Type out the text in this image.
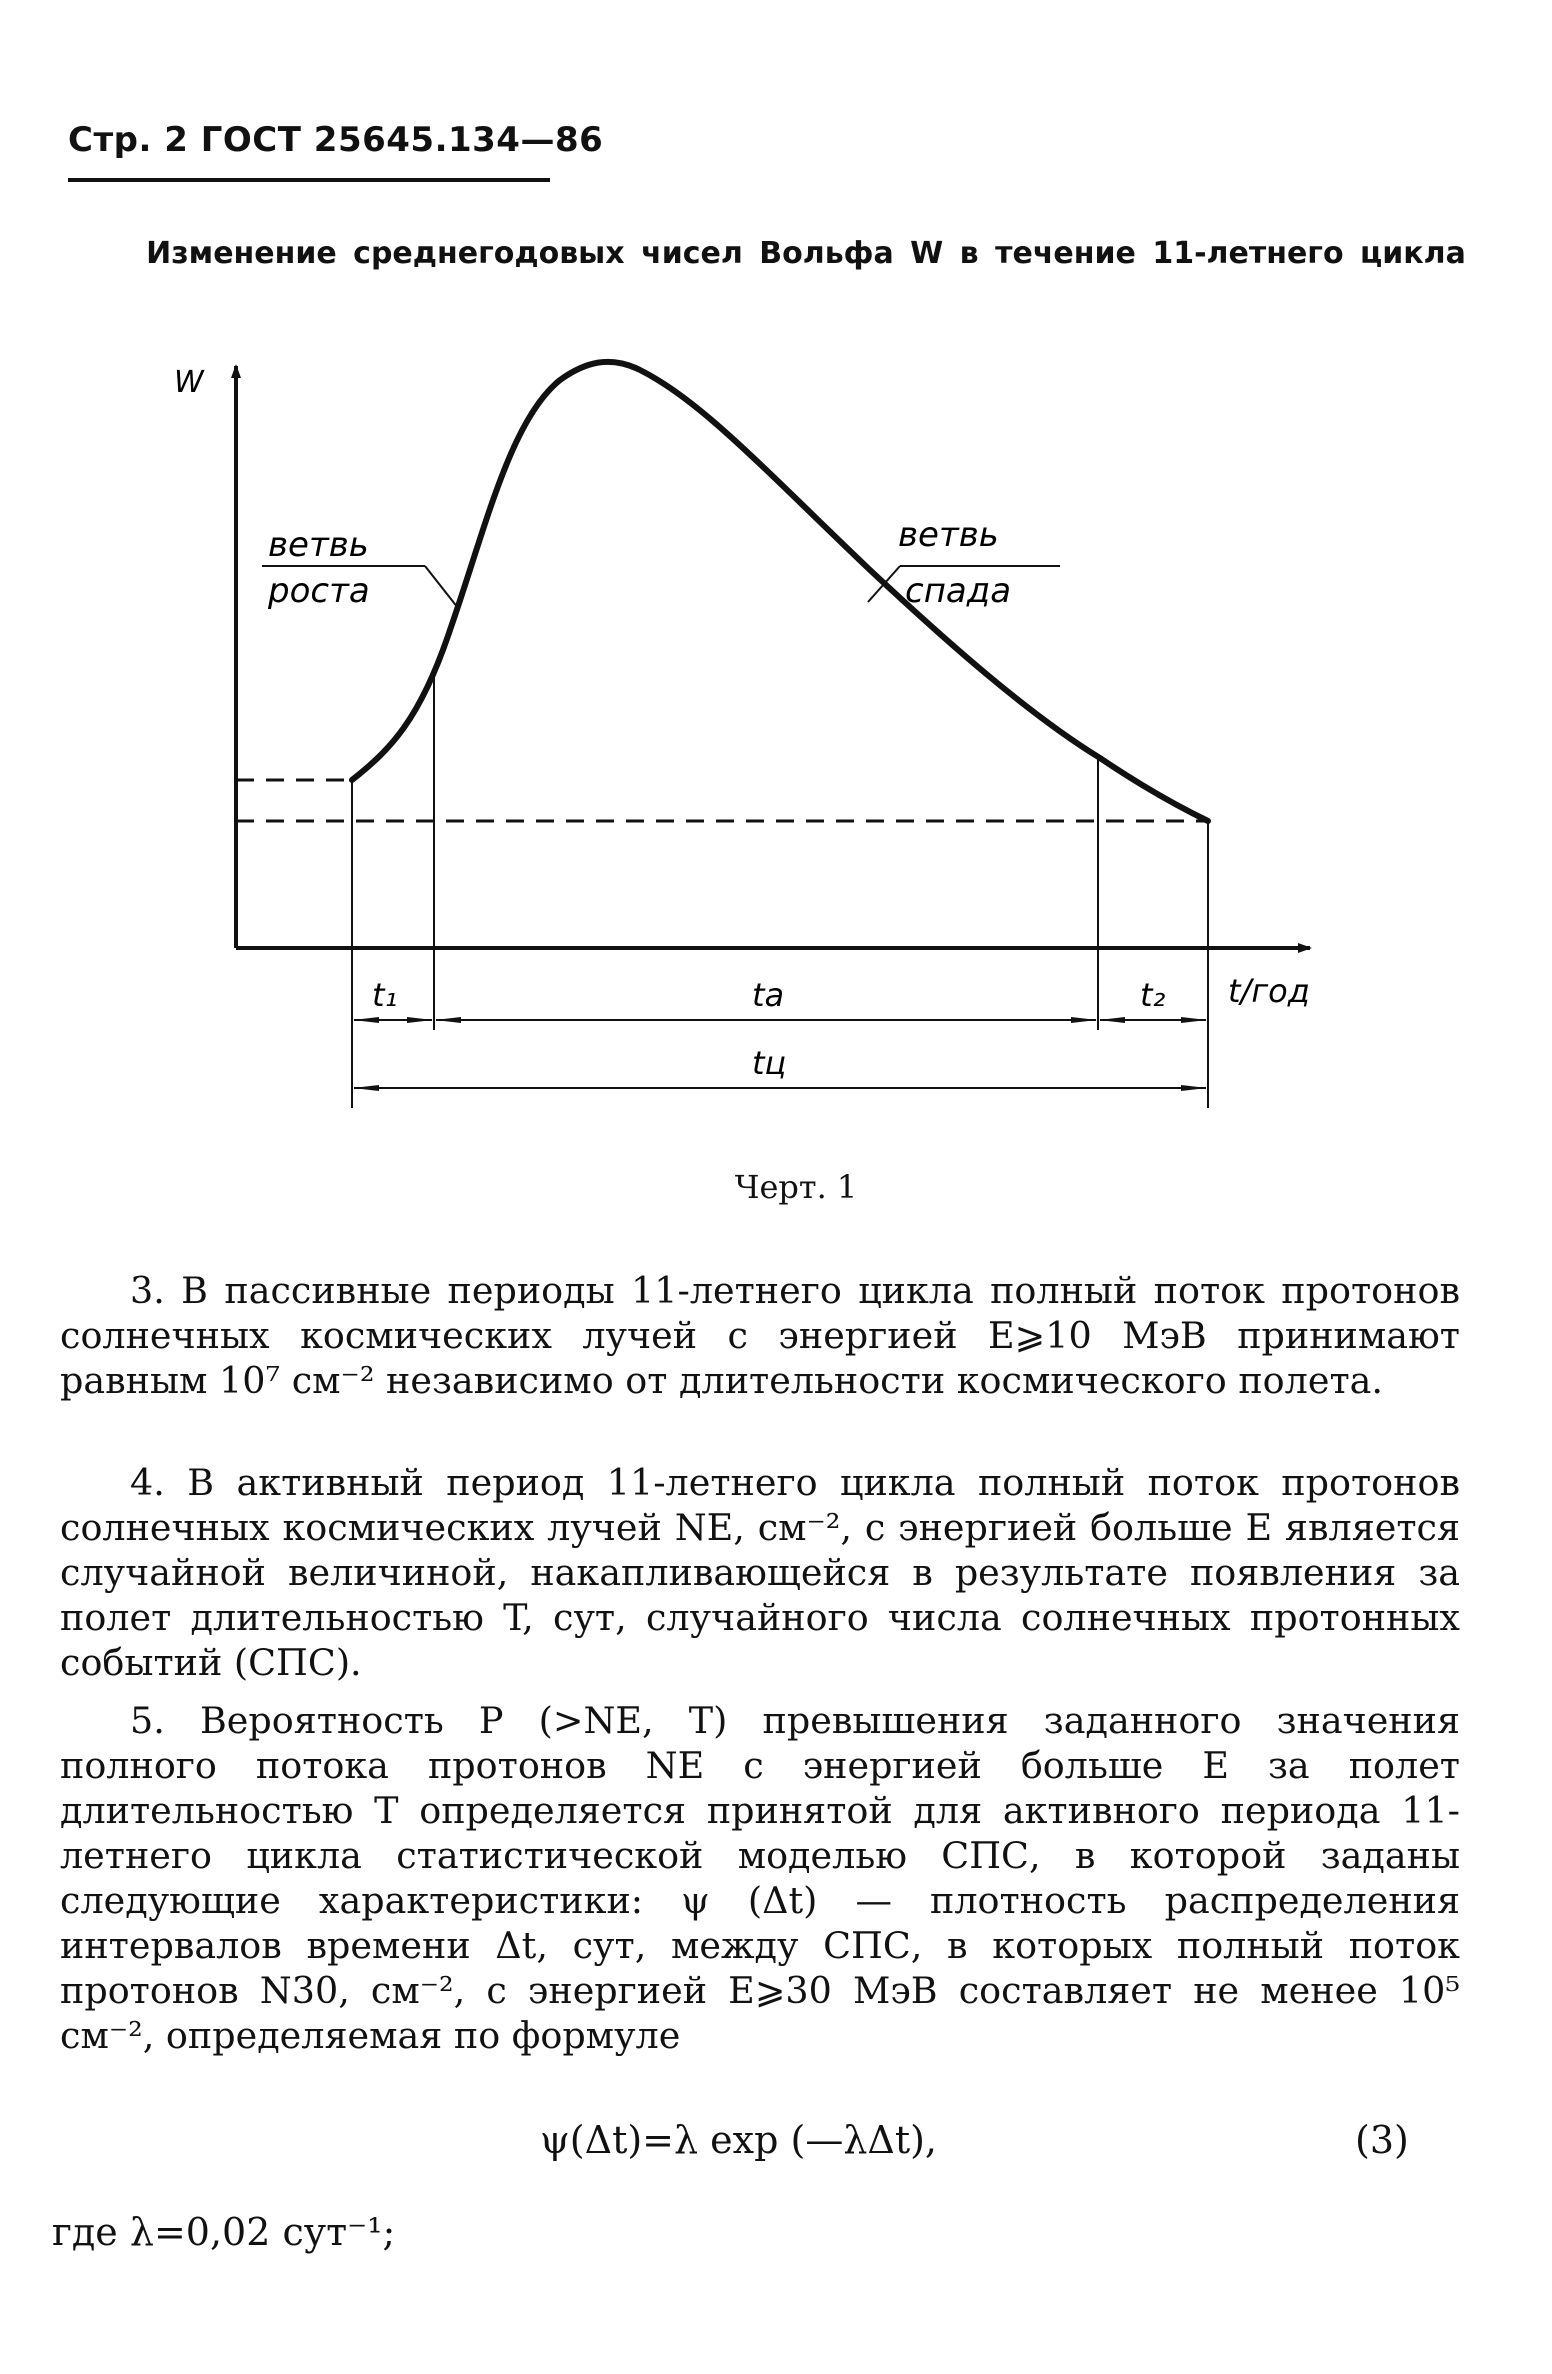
Стр. 2 ГОСТ 25645.134—86
Изменение среднегодовых чисел Вольфа W в течение 11-летнего цикла
W
ветвь
роста
ветвь
спада
t₁	tа	t₂ t/год
tц
Черт. 1

3. В пассивные периоды 11-летнего цикла полный поток протонов солнечных космических лучей с энергией E⩾10 МэВ принимают равным 10⁷ см⁻² независимо от длительности космического полета.

4. В активный период 11-летнего цикла полный поток протонов солнечных космических лучей NE, см⁻², с энергией больше E является случайной величиной, накапливающейся в результате появления за полет длительностью T, сут, случайного числа солнечных протонных событий (СПС).

5. Вероятность P (>NE, T) превышения заданного значения полного потока протонов NE с энергией больше E за полет длительностью T определяется принятой для активного периода 11-летнего цикла статистической моделью СПС, в которой заданы следующие характеристики: ψ (Δt) — плотность распределения интервалов времени Δt, сут, между СПС, в которых полный поток протонов N30, см⁻², с энергией E⩾30 МэВ составляет не менее 10⁵ см⁻², определяемая по формуле

ψ(Δt)=λ exp (—λΔt),	(3)
где λ=0,02 сут⁻¹;
